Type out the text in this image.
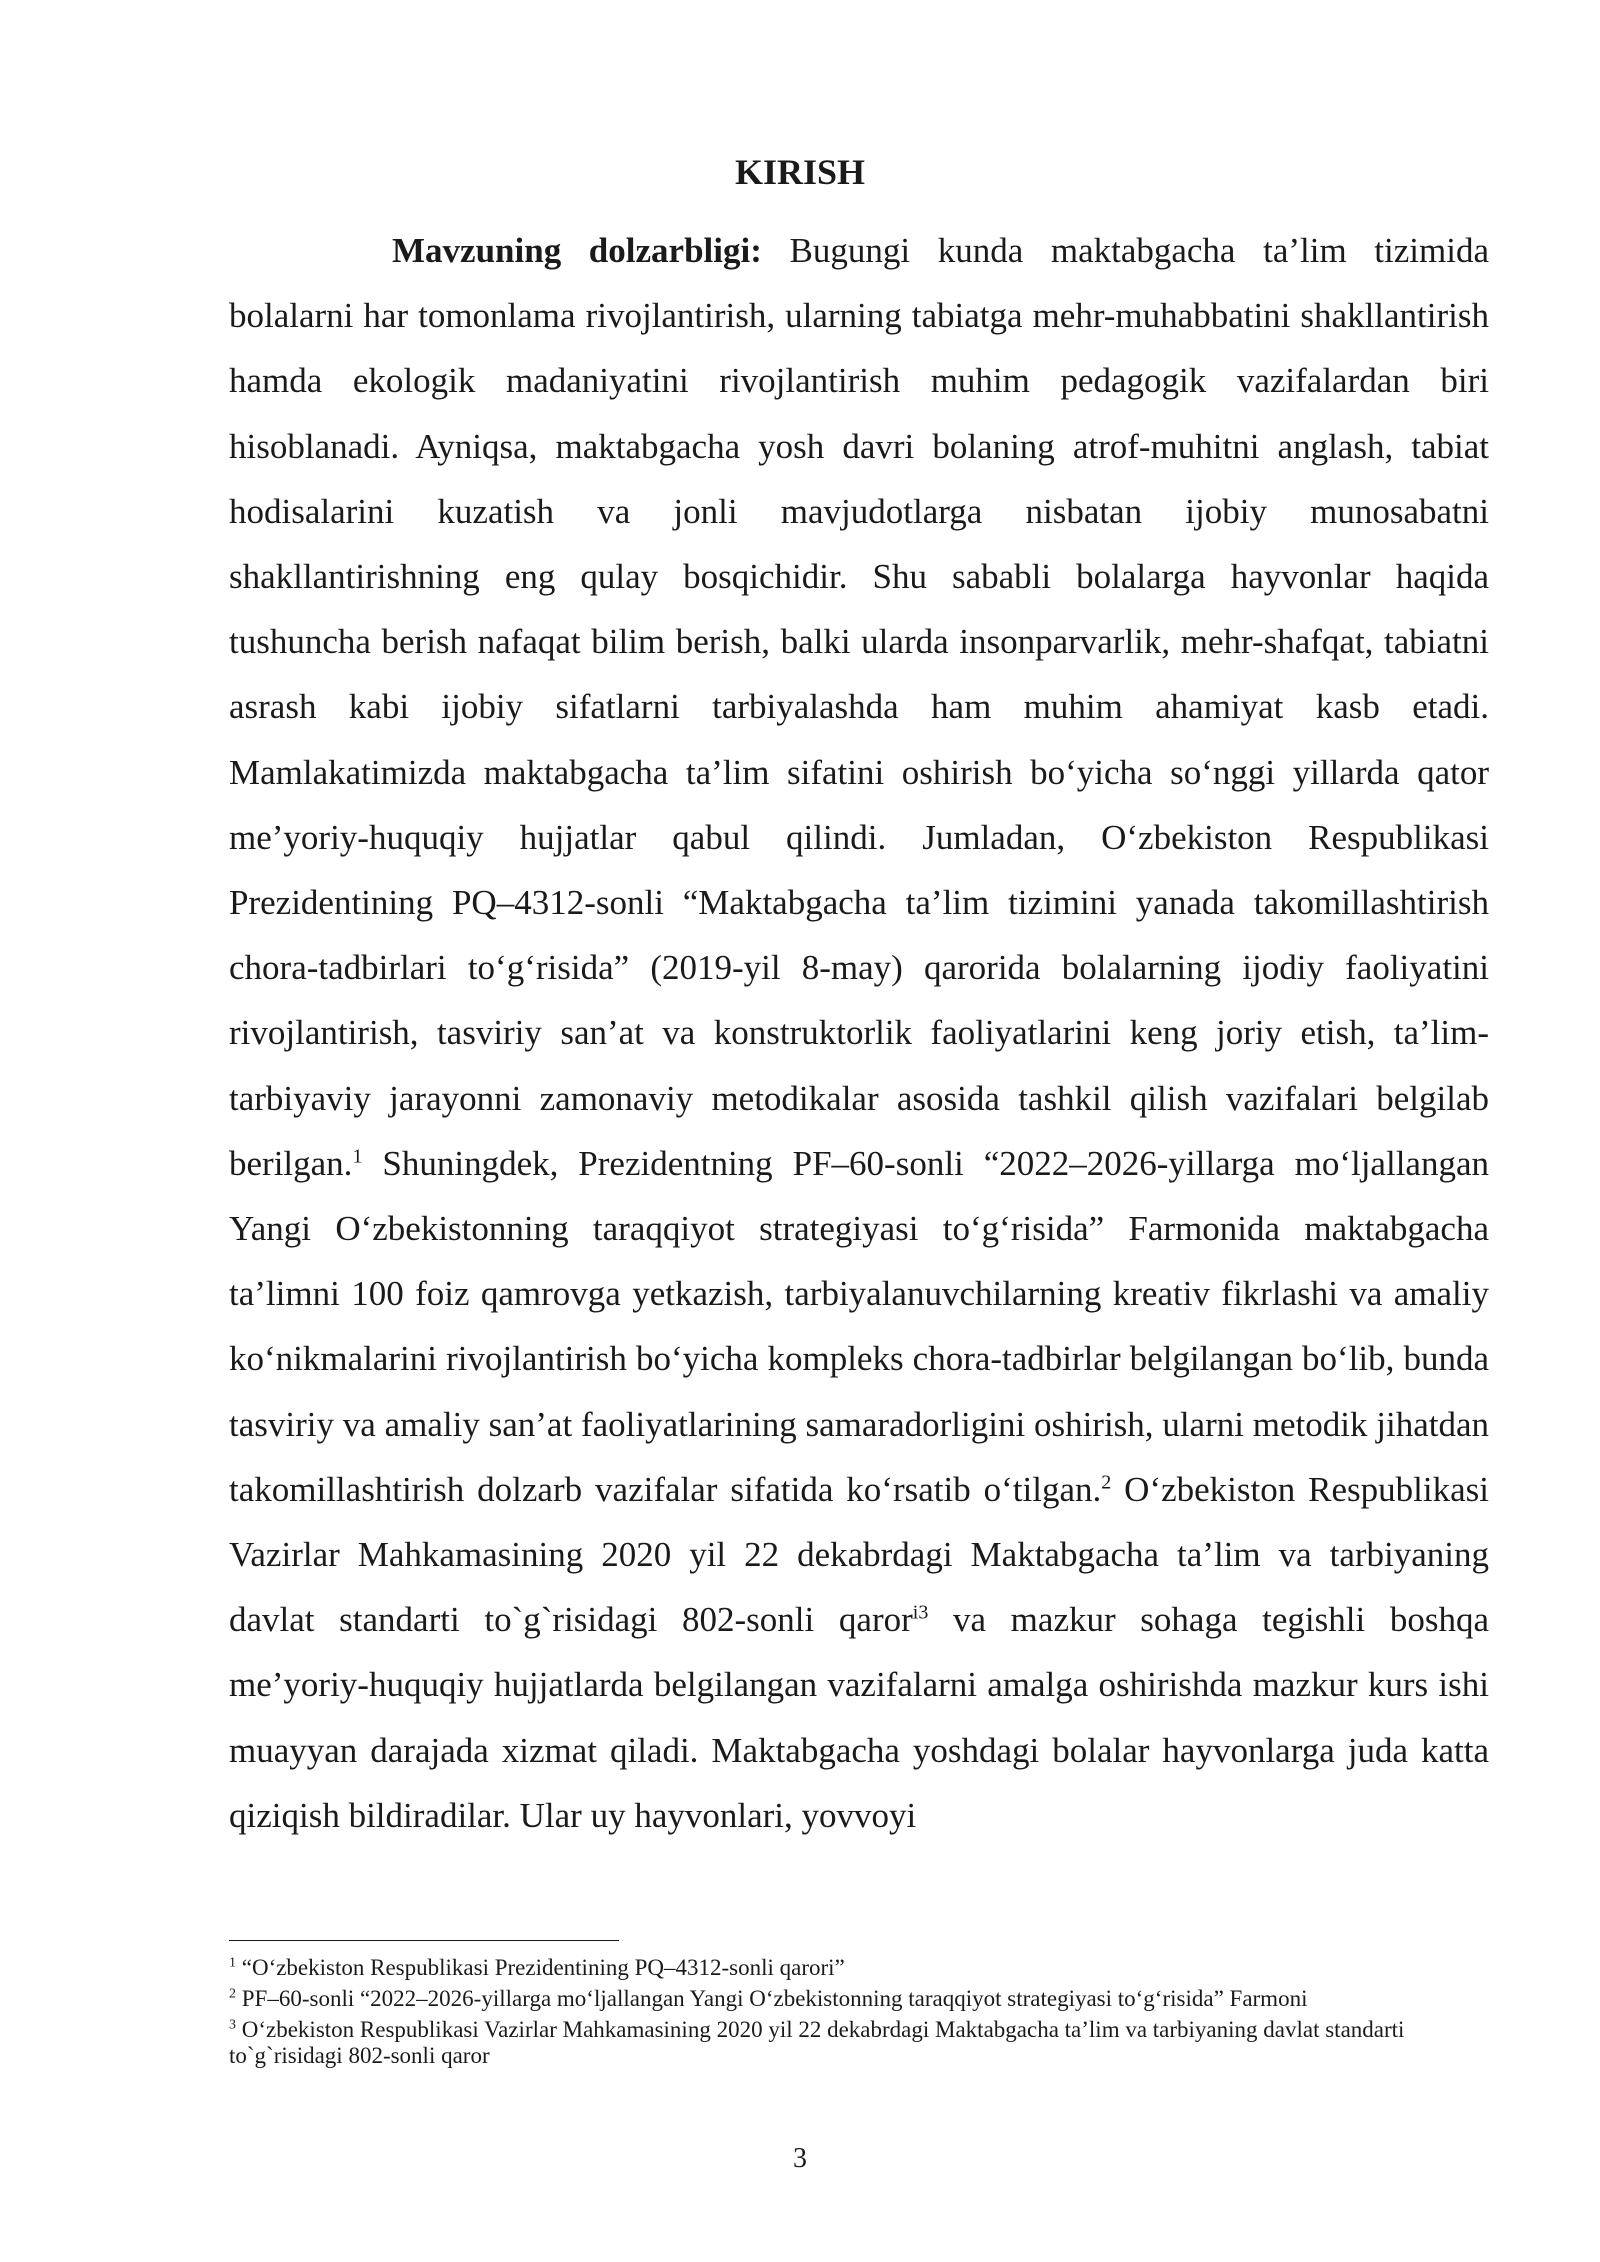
KIRISH

Mavzuning dolzarbligi: Bugungi kunda maktabgacha ta’lim tizimida bolalarni har tomonlama rivojlantirish, ularning tabiatga mehr-muhabbatini shakllantirish hamda ekologik madaniyatini rivojlantirish muhim pedagogik vazifalardan biri hisoblanadi. Ayniqsa, maktabgacha yosh davri bolaning atrof-muhitni anglash, tabiat hodisalarini kuzatish va jonli mavjudotlarga nisbatan ijobiy munosabatni shakllantirishning eng qulay bosqichidir. Shu sababli bolalarga hayvonlar haqida tushuncha berish nafaqat bilim berish, balki ularda insonparvarlik, mehr-shafqat, tabiatni asrash kabi ijobiy sifatlarni tarbiyalashda ham muhim ahamiyat kasb etadi. Mamlakatimizda maktabgacha ta’lim sifatini oshirish bo‘yicha so‘nggi yillarda qator me’yoriy-huquqiy hujjatlar qabul qilindi. Jumladan, O‘zbekiston Respublikasi Prezidentining PQ–4312-sonli “Maktabgacha ta’lim tizimini yanada takomillashtirish chora-tadbirlari to‘g‘risida” (2019-yil 8-may) qarorida bolalarning ijodiy faoliyatini rivojlantirish, tasviriy san’at va konstruktorlik faoliyatlarini keng joriy etish, ta’lim-tarbiyaviy jarayonni zamonaviy metodikalar asosida tashkil qilish vazifalari belgilab berilgan.$^1$ Shuningdek, Prezidentning PF–60-sonli “2022–2026-yillarga mo‘ljallangan Yangi O‘zbekistonning taraqqiyot strategiyasi to‘g‘risida” Farmonida maktabgacha ta’limni 100 foiz qamrovga yetkazish, tarbiyalanuvchilarning kreativ fikrlashi va amaliy ko‘nikmalarini rivojlantirish bo‘yicha kompleks chora-tadbirlar belgilangan bo‘lib, bunda tasviriy va amaliy san’at faoliyatlarining samaradorligini oshirish, ularni metodik jihatdan takomillashtirish dolzarb vazifalar sifatida ko‘rsatib o‘tilgan.$^2$ O‘zbekiston Respublikasi Vazirlar Mahkamasining 2020 yil 22 dekabrdagi Maktabgacha ta’lim va tarbiyaning davlat standarti to`g`risidagi 802-sonli qaror$^{i3}$ va mazkur sohaga tegishli boshqa me’yoriy-huquqiy hujjatlarda belgilangan vazifalarni amalga oshirishda mazkur kurs ishi muayyan darajada xizmat qiladi. Maktabgacha yoshdagi bolalar hayvonlarga juda katta qiziqish bildiradilar. Ular uy hayvonlari, yovvoyi

$^1$ “O‘zbekiston Respublikasi Prezidentining PQ–4312-sonli qarori”

$^2$ PF–60-sonli “2022–2026-yillarga mo‘ljallangan Yangi O‘zbekistonning taraqqiyot strategiyasi to‘g‘risida” Farmoni

$^3$ O‘zbekiston Respublikasi Vazirlar Mahkamasining 2020 yil 22 dekabrdagi Maktabgacha ta’lim va tarbiyaning davlat standarti to`g`risidagi 802-sonli qaror

3
